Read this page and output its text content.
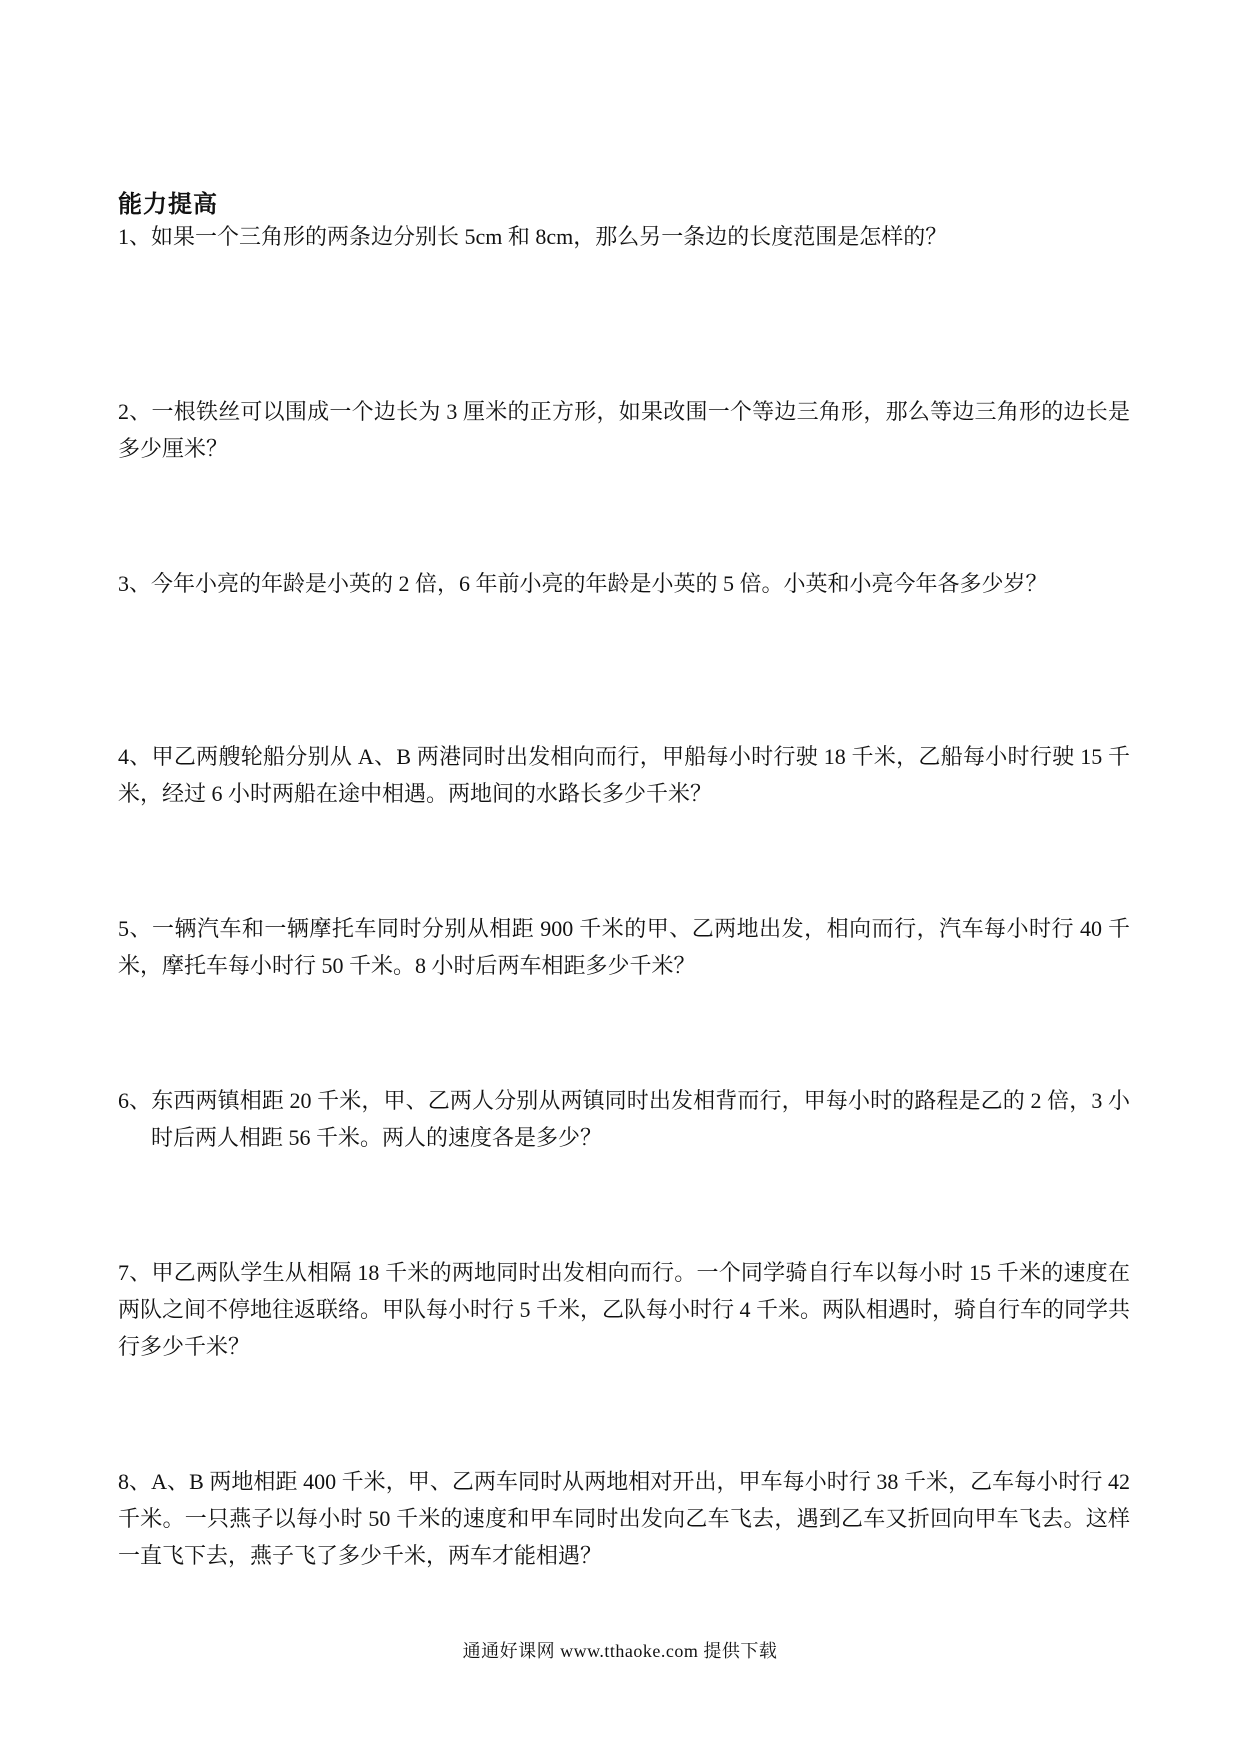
能力提高

1、如果一个三角形的两条边分别长 5cm 和 8cm，那么另一条边的长度范围是怎样的？

2、一根铁丝可以围成一个边长为 3 厘米的正方形，如果改围一个等边三角形，那么等边三角形的边长是多少厘米？

3、今年小亮的年龄是小英的 2 倍，6 年前小亮的年龄是小英的 5 倍。小英和小亮今年各多少岁？

4、甲乙两艘轮船分别从 A、B 两港同时出发相向而行，甲船每小时行驶 18 千米，乙船每小时行驶 15 千米，经过 6 小时两船在途中相遇。两地间的水路长多少千米？

5、一辆汽车和一辆摩托车同时分别从相距 900 千米的甲、乙两地出发，相向而行，汽车每小时行 40 千米，摩托车每小时行 50 千米。8 小时后两车相距多少千米？

6、东西两镇相距 20 千米，甲、乙两人分别从两镇同时出发相背而行，甲每小时的路程是乙的 2 倍，3 小时后两人相距 56 千米。两人的速度各是多少？

7、甲乙两队学生从相隔 18 千米的两地同时出发相向而行。一个同学骑自行车以每小时 15 千米的速度在两队之间不停地往返联络。甲队每小时行 5 千米，乙队每小时行 4 千米。两队相遇时，骑自行车的同学共行多少千米？

8、A、B 两地相距 400 千米，甲、乙两车同时从两地相对开出，甲车每小时行 38 千米，乙车每小时行 42 千米。一只燕子以每小时 50 千米的速度和甲车同时出发向乙车飞去，遇到乙车又折回向甲车飞去。这样一直飞下去，燕子飞了多少千米，两车才能相遇？

通通好课网 www.tthaoke.com 提供下载
